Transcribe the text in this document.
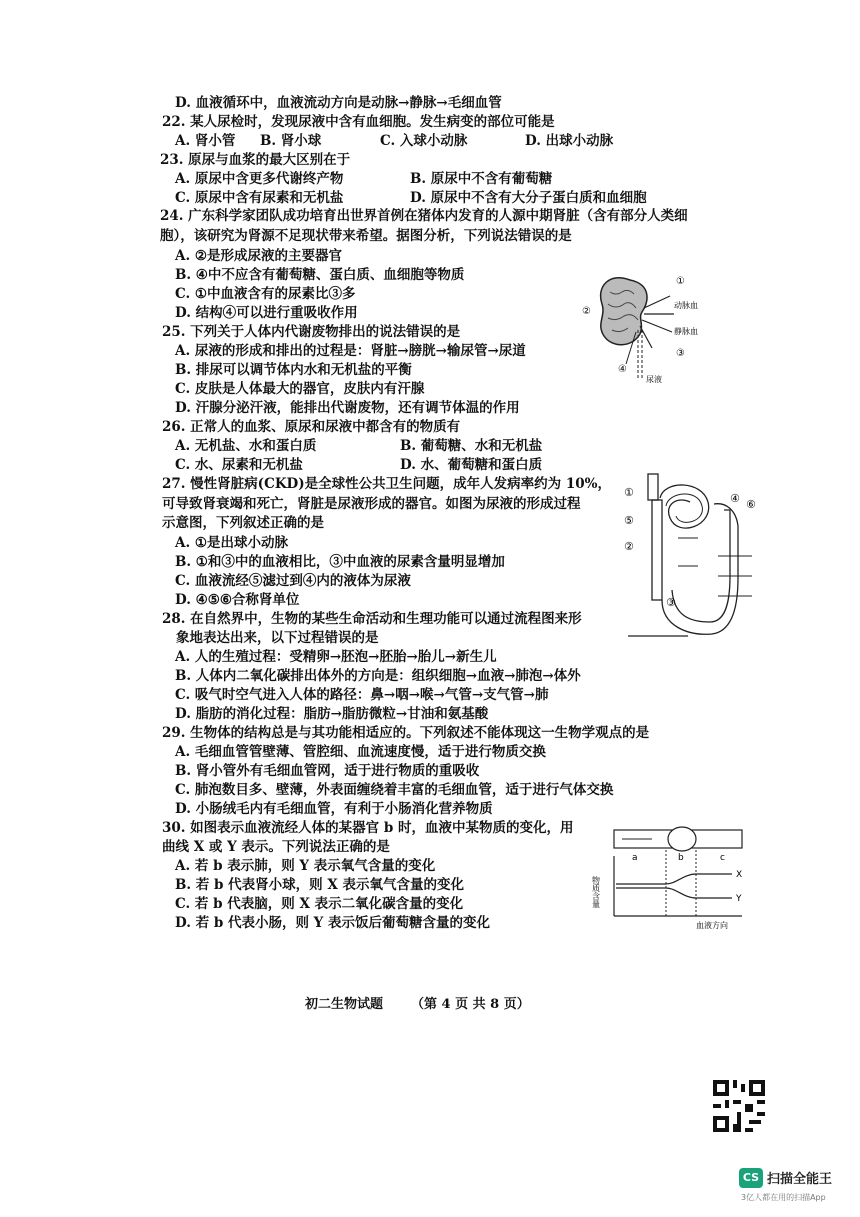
D. 血液循环中，血液流动方向是动脉→静脉→毛细血管
22. 某人尿检时，发现尿液中含有血细胞。发生病变的部位可能是
23. 原尿与血浆的最大区别在于
24. 广东科学家团队成功培育出世界首例在猪体内发育的人源中期肾脏（含有部分人类细
胞），该研究为肾源不足现状带来希望。据图分析，下列说法错误的是
A. ②是形成尿液的主要器官
B. ④中不应含有葡萄糖、蛋白质、血细胞等物质
C. ①中血液含有的尿素比③多
D. 结构④可以进行重吸收作用
25. 下列关于人体内代谢废物排出的说法错误的是
A. 尿液的形成和排出的过程是：肾脏→膀胱→输尿管→尿道
B. 排尿可以调节体内水和无机盐的平衡
C. 皮肤是人体最大的器官，皮肤内有汗腺
D. 汗腺分泌汗液，能排出代谢废物，还有调节体温的作用
26. 正常人的血浆、原尿和尿液中都含有的物质有
27. 慢性肾脏病(CKD)是全球性公共卫生问题，成年人发病率约为 10%，
可导致肾衰竭和死亡，肾脏是尿液形成的器官。如图为尿液的形成过程
示意图，下列叙述正确的是
A. ①是出球小动脉
B. ①和③中的血液相比，③中血液的尿素含量明显增加
C. 血液流经⑤滤过到④内的液体为尿液
D. ④⑤⑥合称肾单位
28. 在自然界中，生物的某些生命活动和生理功能可以通过流程图来形
象地表达出来，以下过程错误的是
A. 人的生殖过程：受精卵→胚泡→胚胎→胎儿→新生儿
B. 人体内二氧化碳排出体外的方向是：组织细胞→血液→肺泡→体外
C. 吸气时空气进入人体的路径：鼻→咽→喉→气管→支气管→肺
D. 脂肪的消化过程：脂肪→脂肪微粒→甘油和氨基酸
29. 生物体的结构总是与其功能相适应的。下列叙述不能体现这一生物学观点的是
A. 毛细血管管壁薄、管腔细、血流速度慢，适于进行物质交换
B. 肾小管外有毛细血管网，适于进行物质的重吸收
C. 肺泡数目多、壁薄，外表面缠绕着丰富的毛细血管，适于进行气体交换
D. 小肠绒毛内有毛细血管，有利于小肠消化营养物质
30. 如图表示血液流经人体的某器官 b 时，血液中某物质的变化，用
曲线 X 或 Y 表示。下列说法正确的是
A. 若 b 表示肺，则 Y 表示氧气含量的变化
B. 若 b 代表肾小球，则 X 表示氧气含量的变化
C. 若 b 代表脑，则 X 表示二氧化碳含量的变化
D. 若 b 代表小肠，则 Y 表示饭后葡萄糖含量的变化
A. 肾小管 B. 肾小球	C. 入球小动脉	D. 出球小动脉
A. 原尿中含更多代谢终产物	B. 原尿中不含有葡萄糖
C. 原尿中含有尿素和无机盐	D. 原尿中不含有大分子蛋白质和血细胞
A. 无机盐、水和蛋白质	B. 葡萄糖、水和无机盐
C. 水、尿素和无机盐	D. 水、葡萄糖和蛋白质
①
②
③
④
动脉血
静脉血
尿液
①
⑤
②
③
④ ⑥
a	b	c
物质含量
血液方向
X
Y
初二生物试题 （第 4 页 共 8 页）
CS 扫描全能王
3亿人都在用的扫描App
